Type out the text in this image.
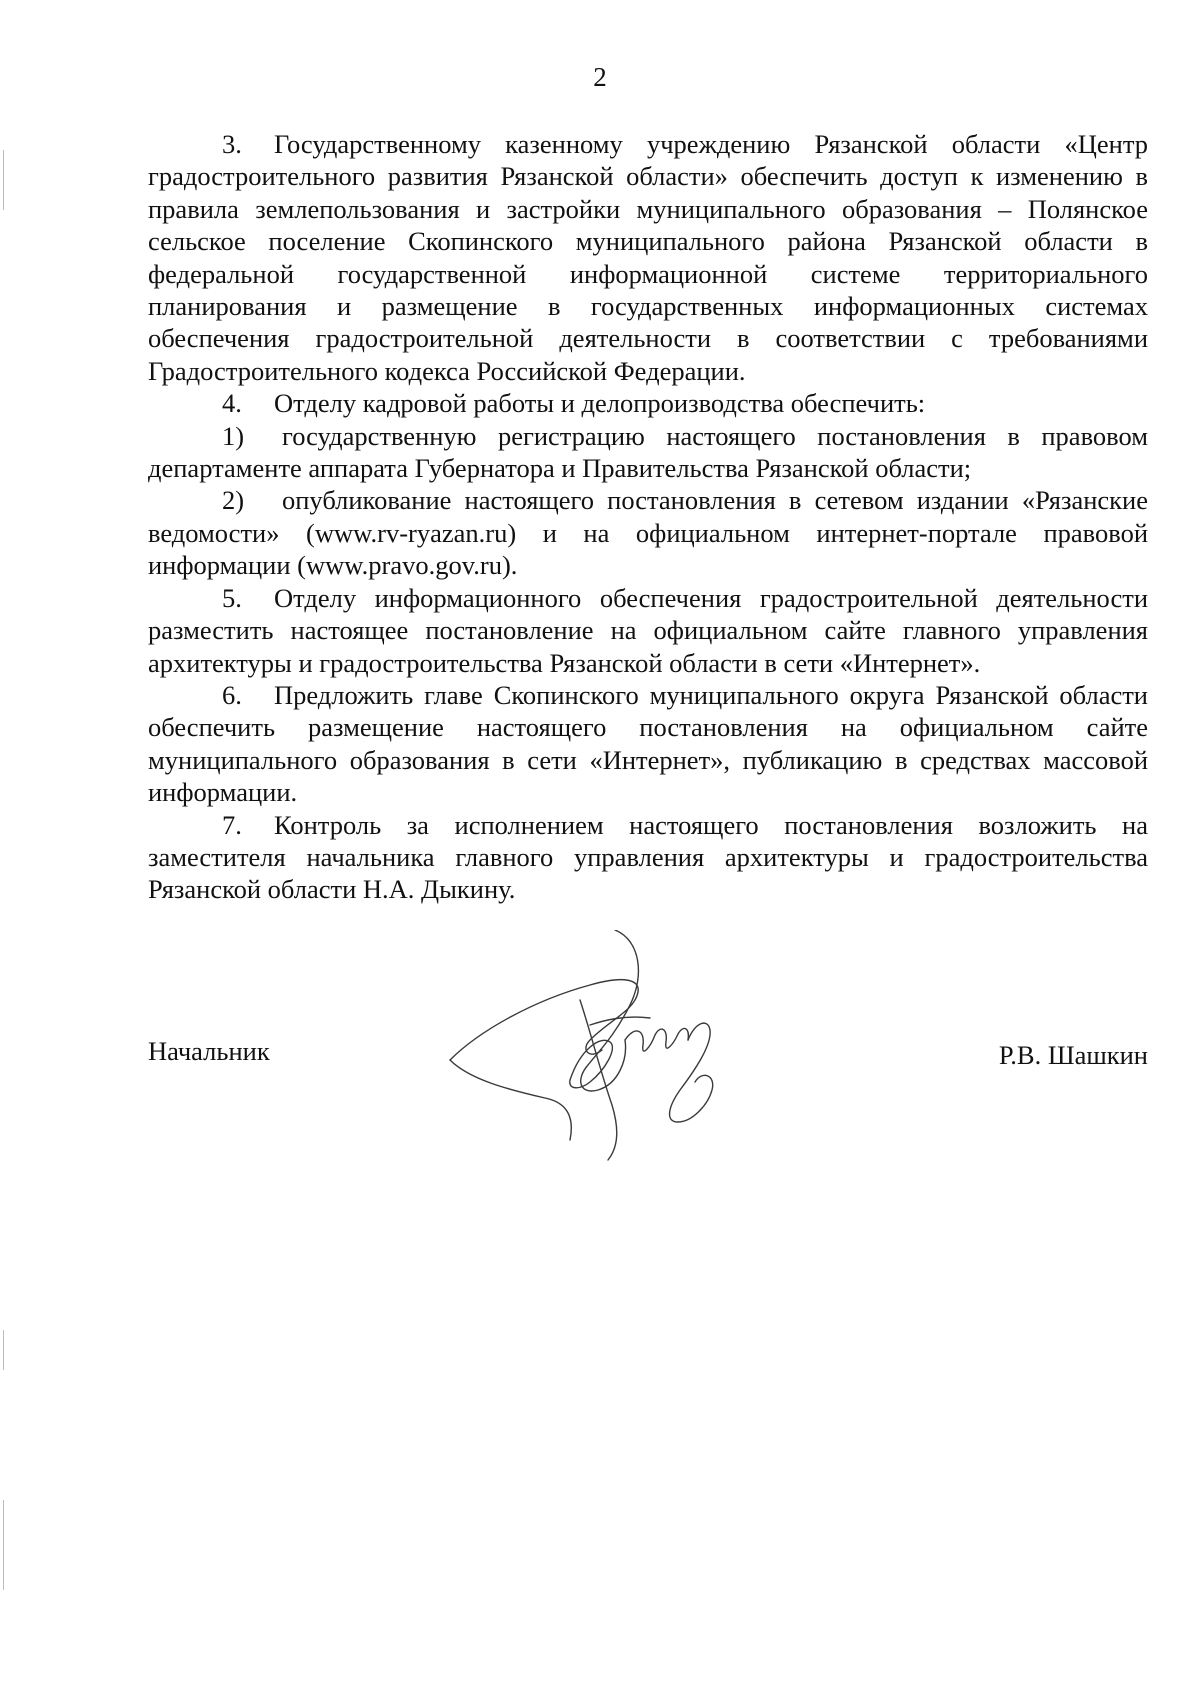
2

3. Государственному казенному учреждению Рязанской области «Центр градостроительного развития Рязанской области» обеспечить доступ к изменению в правила землепользования и застройки муниципального образования – Полянское сельское поселение Скопинского муниципального района Рязанской области в федеральной государственной информационной системе территориального планирования и размещение в государственных информационных системах обеспечения градостроительной деятельности в соответствии с требованиями Градостроительного кодекса Российской Федерации.

4. Отделу кадровой работы и делопроизводства обеспечить:

1) государственную регистрацию настоящего постановления в правовом департаменте аппарата Губернатора и Правительства Рязанской области;

2) опубликование настоящего постановления в сетевом издании «Рязанские ведомости» (www.rv-ryazan.ru) и на официальном интернет-портале правовой информации (www.pravo.gov.ru).

5. Отделу информационного обеспечения градостроительной деятельности разместить настоящее постановление на официальном сайте главного управления архитектуры и градостроительства Рязанской области в сети «Интернет».

6. Предложить главе Скопинского муниципального округа Рязанской области обеспечить размещение настоящего постановления на официальном сайте муниципального образования в сети «Интернет», публикацию в средствах массовой информации.

7. Контроль за исполнением настоящего постановления возложить на заместителя начальника главного управления архитектуры и градостроительства Рязанской области Н.А. Дыкину.

Начальник	Р.В. Шашкин
